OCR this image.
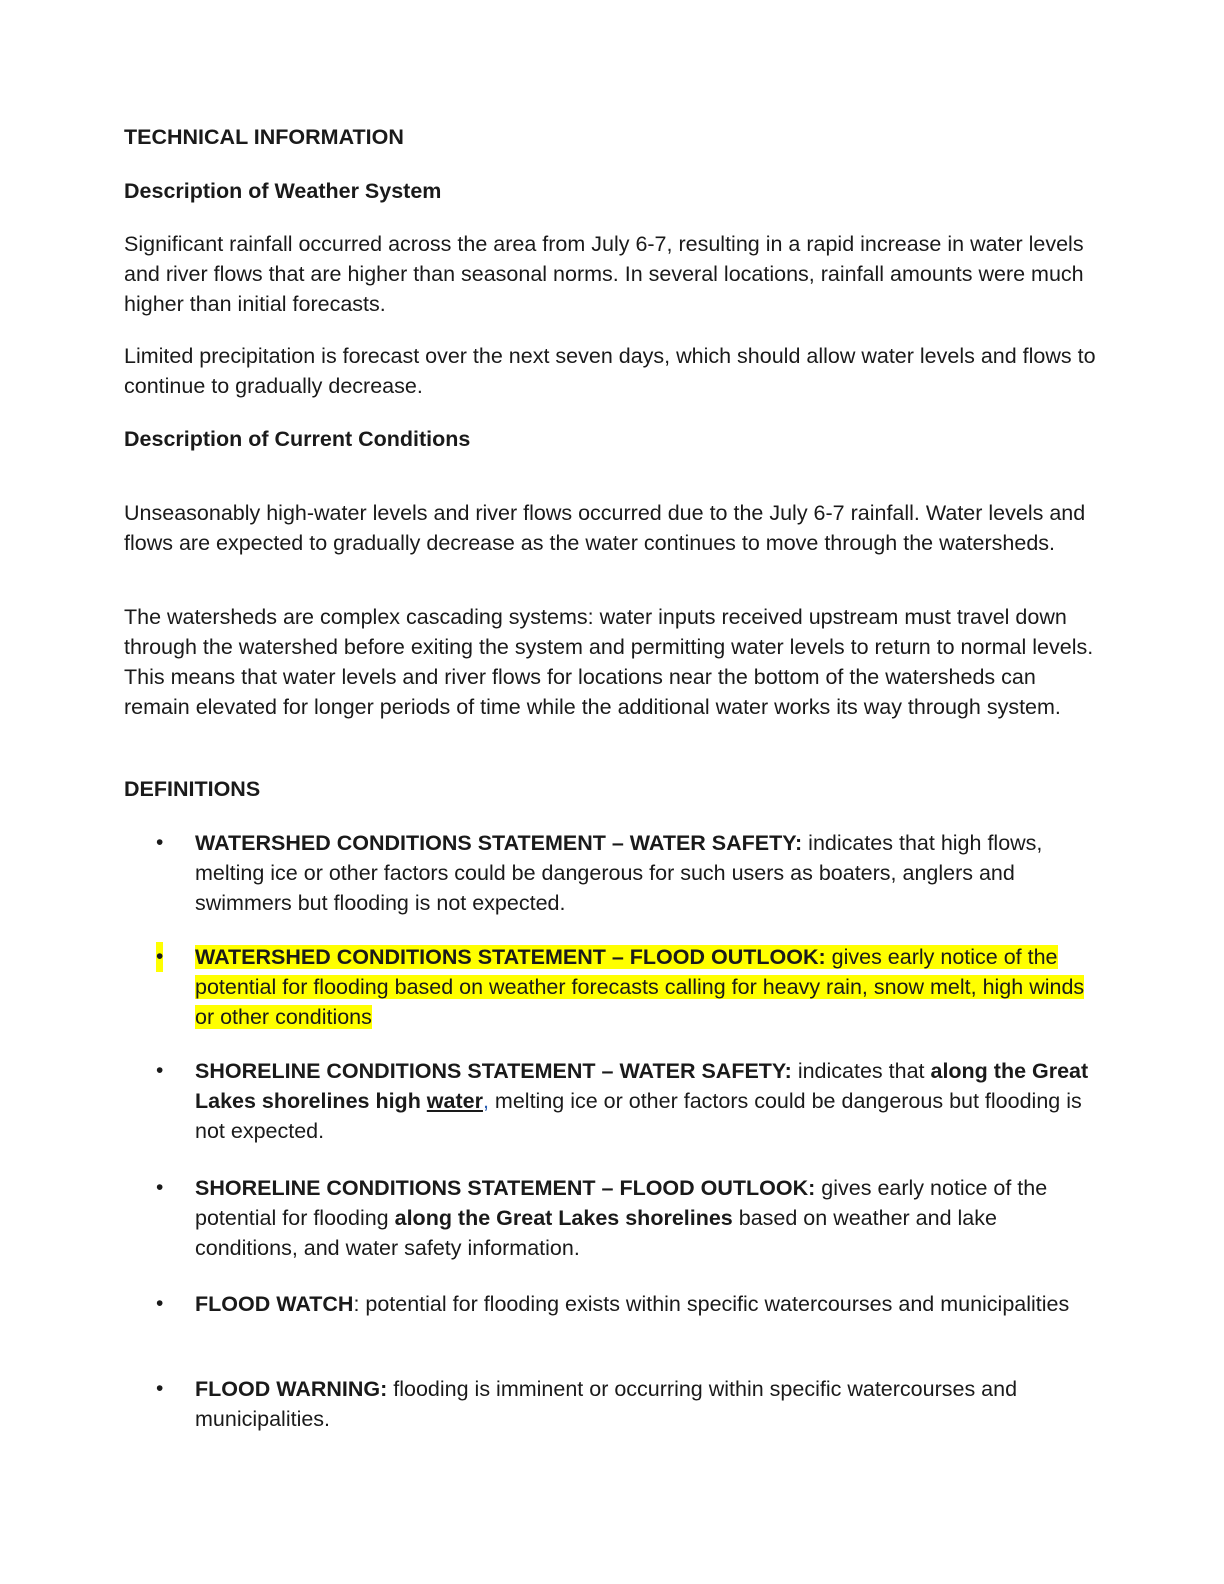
TECHNICAL INFORMATION
Description of Weather System

Significant rainfall occurred across the area from July 6-7, resulting in a rapid increase in water levels and river flows that are higher than seasonal norms. In several locations, rainfall amounts were much higher than initial forecasts.

Limited precipitation is forecast over the next seven days, which should allow water levels and flows to continue to gradually decrease.

Description of Current Conditions

Unseasonably high-water levels and river flows occurred due to the July 6-7 rainfall. Water levels and flows are expected to gradually decrease as the water continues to move through the watersheds.

The watersheds are complex cascading systems: water inputs received upstream must travel down through the watershed before exiting the system and permitting water levels to return to normal levels. This means that water levels and river flows for locations near the bottom of the watersheds can remain elevated for longer periods of time while the additional water works its way through system.

DEFINITIONS
• WATERSHED CONDITIONS STATEMENT – WATER SAFETY: indicates that high flows, melting ice or other factors could be dangerous for such users as boaters, anglers and swimmers but flooding is not expected.
• WATERSHED CONDITIONS STATEMENT – FLOOD OUTLOOK: gives early notice of the potential for flooding based on weather forecasts calling for heavy rain, snow melt, high winds or other conditions
• SHORELINE CONDITIONS STATEMENT – WATER SAFETY: indicates that along the Great Lakes shorelines high water, melting ice or other factors could be dangerous but flooding is not expected.
• SHORELINE CONDITIONS STATEMENT – FLOOD OUTLOOK: gives early notice of the potential for flooding along the Great Lakes shorelines based on weather and lake conditions, and water safety information.
• FLOOD WATCH: potential for flooding exists within specific watercourses and municipalities
• FLOOD WARNING: flooding is imminent or occurring within specific watercourses and municipalities.
